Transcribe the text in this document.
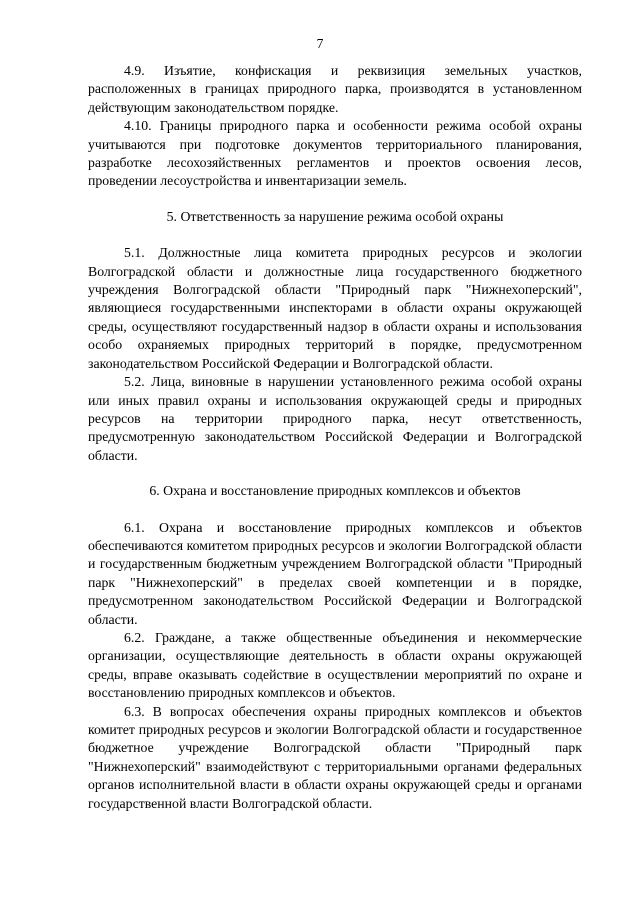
7

4.9. Изъятие, конфискация и реквизиция земельных участков, расположенных в границах природного парка, производятся в установленном действующим законодательством порядке.

4.10. Границы природного парка и особенности режима особой охраны учитываются при подготовке документов территориального планирования, разработке лесохозяйственных регламентов и проектов освоения лесов, проведении лесоустройства и инвентаризации земель.

5. Ответственность за нарушение режима особой охраны

5.1. Должностные лица комитета природных ресурсов и экологии Волгоградской области и должностные лица государственного бюджетного учреждения Волгоградской области "Природный парк "Нижнехоперский", являющиеся государственными инспекторами в области охраны окружающей среды, осуществляют государственный надзор в области охраны и использования особо охраняемых природных территорий в порядке, предусмотренном законодательством Российской Федерации и Волгоградской области.

5.2. Лица, виновные в нарушении установленного режима особой охраны или иных правил охраны и использования окружающей среды и природных ресурсов на территории природного парка, несут ответственность, предусмотренную законодательством Российской Федерации и Волгоградской области.

6. Охрана и восстановление природных комплексов и объектов

6.1. Охрана и восстановление природных комплексов и объектов обеспечиваются комитетом природных ресурсов и экологии Волгоградской области и государственным бюджетным учреждением Волгоградской области "Природный парк "Нижнехоперский" в пределах своей компетенции и в порядке, предусмотренном законодательством Российской Федерации и Волгоградской области.

6.2. Граждане, а также общественные объединения и некоммерческие организации, осуществляющие деятельность в области охраны окружающей среды, вправе оказывать содействие в осуществлении мероприятий по охране и восстановлению природных комплексов и объектов.

6.3. В вопросах обеспечения охраны природных комплексов и объектов комитет природных ресурсов и экологии Волгоградской области и государственное бюджетное учреждение Волгоградской области "Природный парк "Нижнехоперский" взаимодействуют с территориальными органами федеральных органов исполнительной власти в области охраны окружающей среды и органами государственной власти Волгоградской области.
